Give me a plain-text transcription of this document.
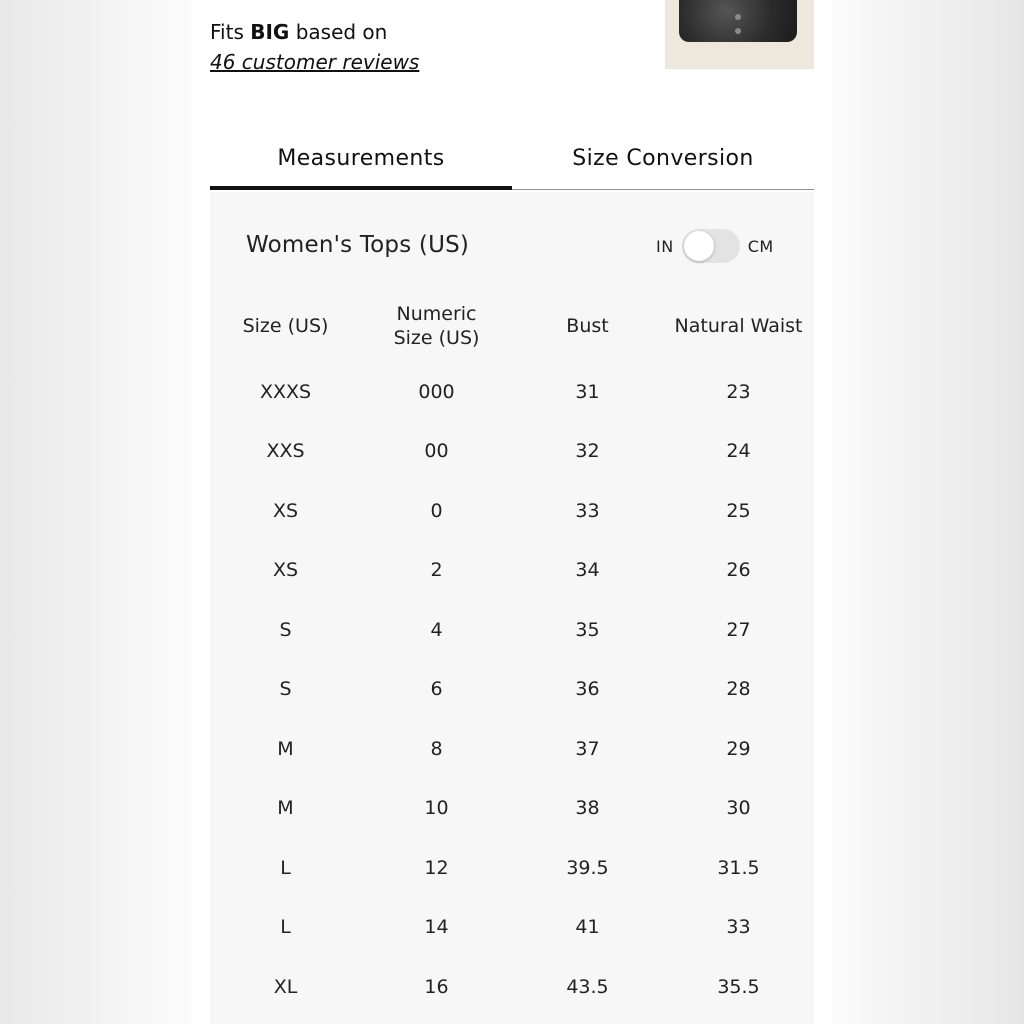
Fits BIG based on
46 customer reviews
Measurements	Size Conversion
Women's Tops (US)	IN	CM
Size (US)	Numeric Size (US)	Bust	Natural Waist
XXXS	000	31	23
XXS	00	32	24
XS	0	33	25
XS	2	34	26
S	4	35	27
S	6	36	28
M	8	37	29
M	10	38	30
L	12	39.5	31.5
L	14	41	33
XL	16	43.5	35.5
